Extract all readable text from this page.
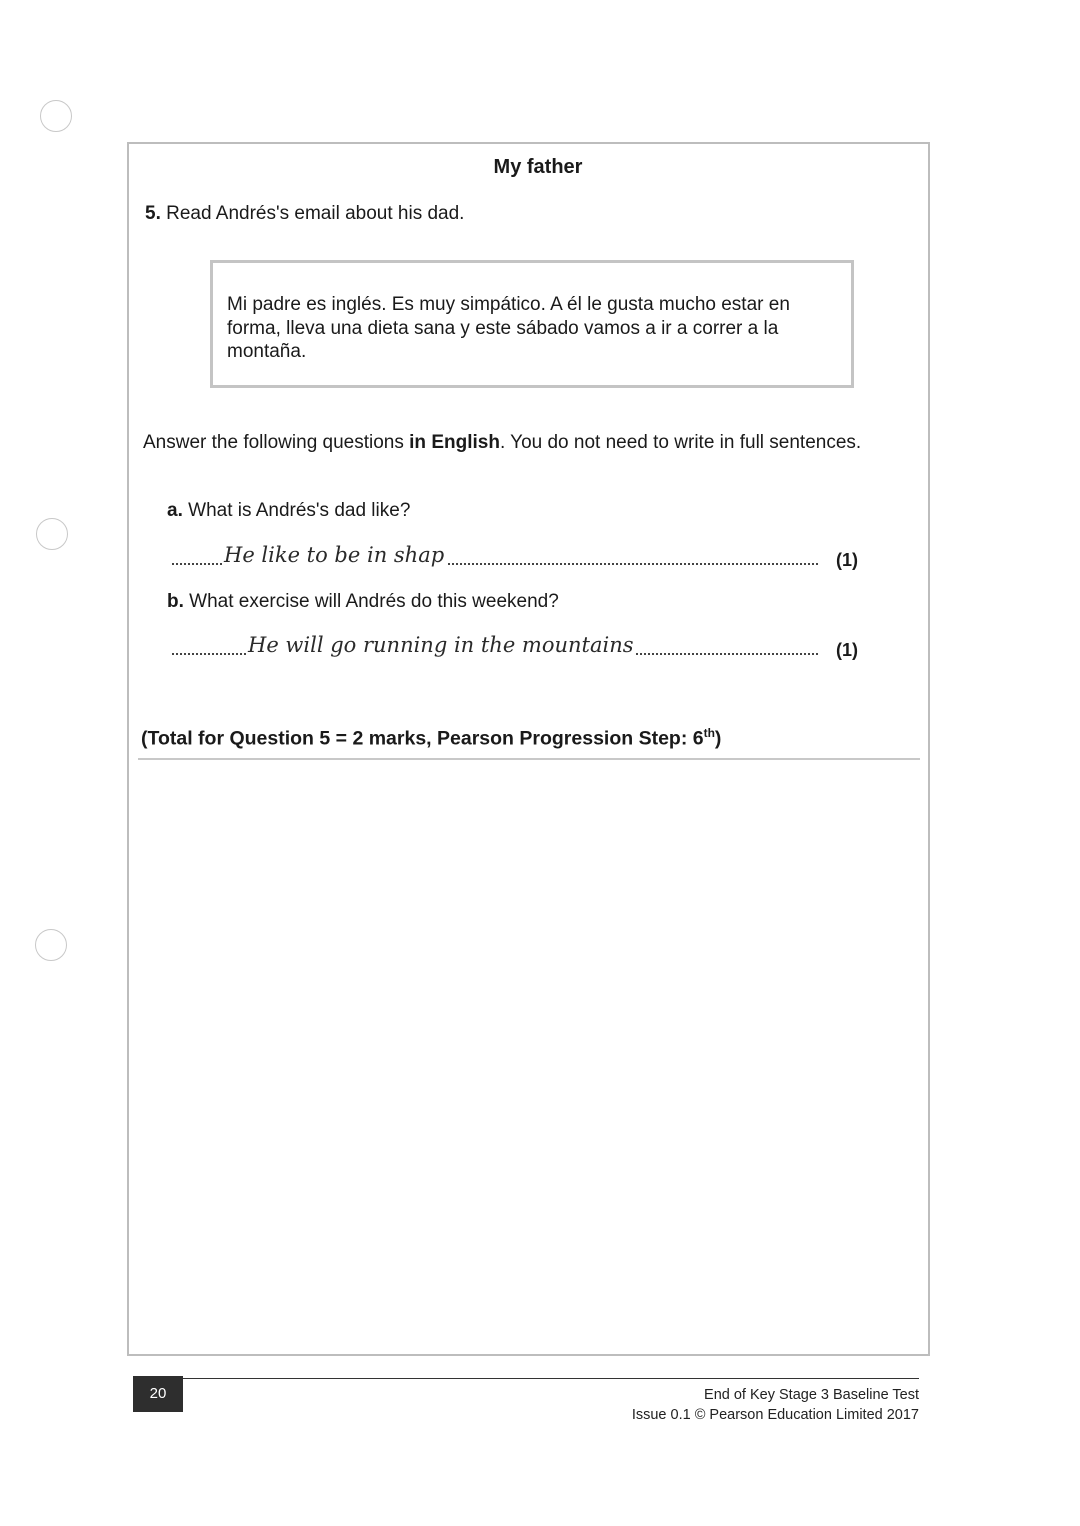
My father
5. Read Andrés's email about his dad.
Mi padre es inglés. Es muy simpático. A él le gusta mucho estar en forma, lleva una dieta sana y este sábado vamos a ir a correr a la montaña.
Answer the following questions in English. You do not need to write in full sentences.
a. What is Andrés's dad like?
He like to be in shap	(1)
b. What exercise will Andrés do this weekend?
He will go running in the mountains	(1)
(Total for Question 5 = 2 marks, Pearson Progression Step: 6th)
20	End of Key Stage 3 Baseline Test
Issue 0.1 © Pearson Education Limited 2017
